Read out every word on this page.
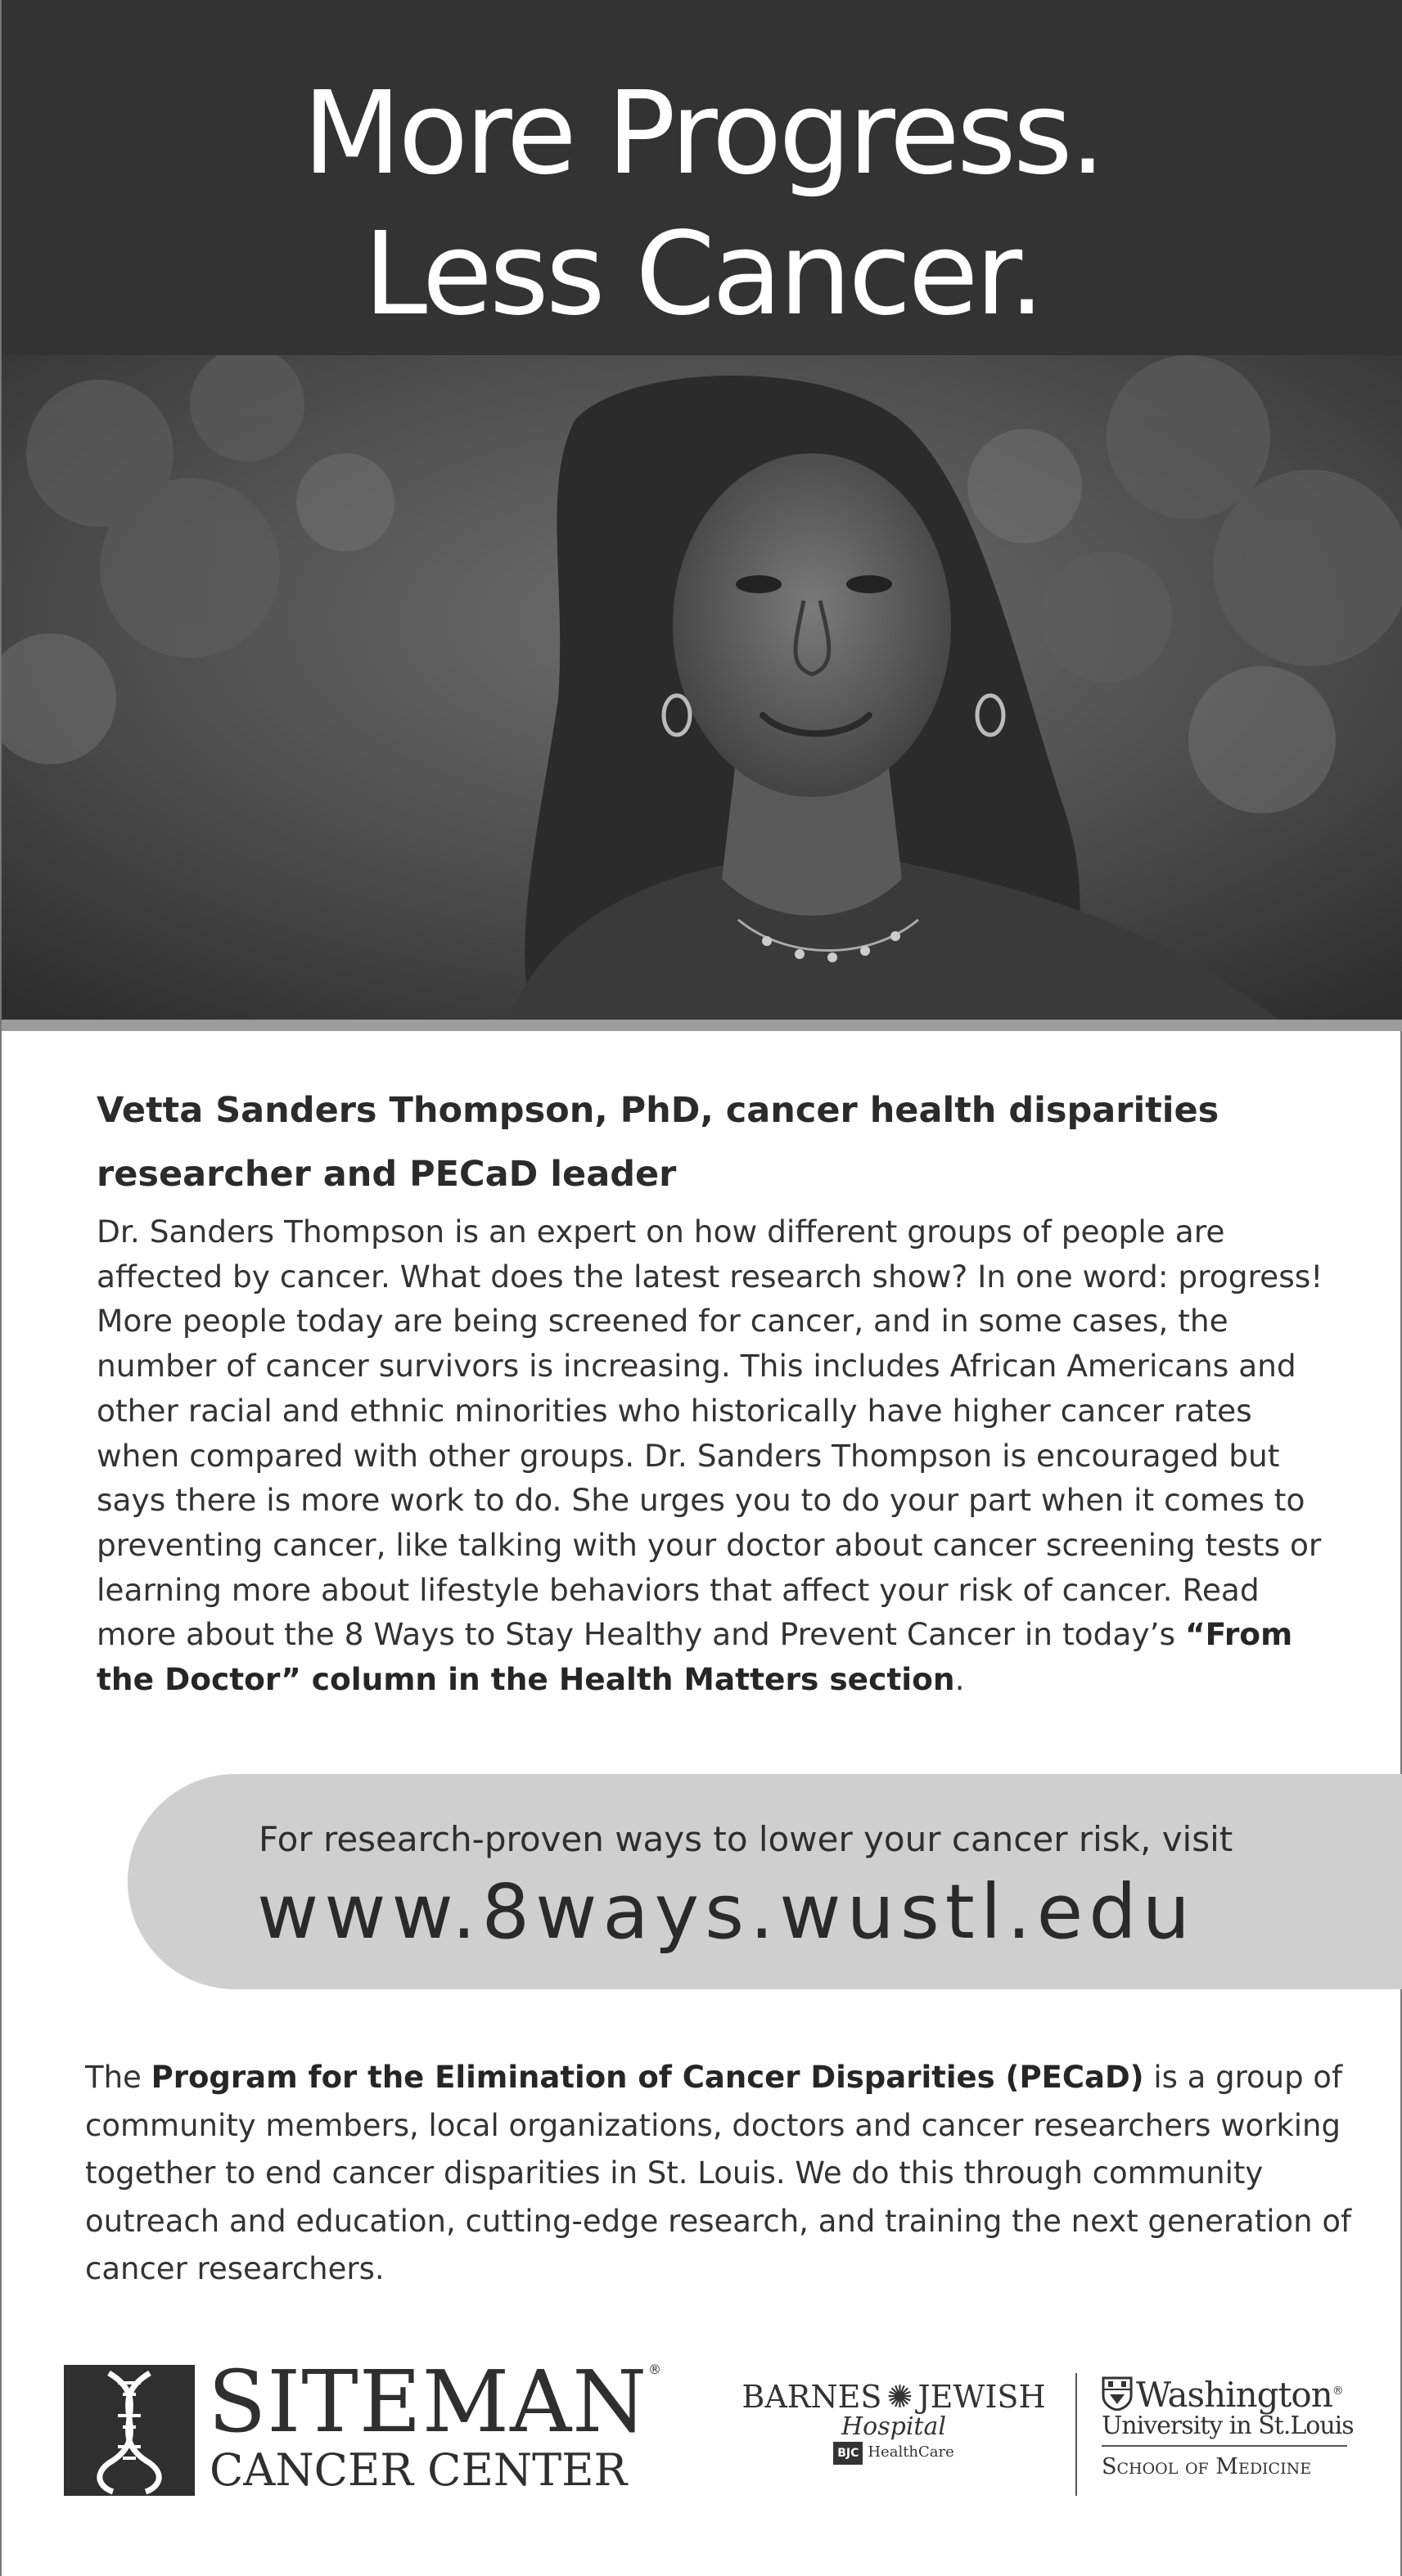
More Progress.
Less Cancer.
Vetta Sanders Thompson, PhD, cancer health disparities
researcher and PECaD leader
Dr. Sanders Thompson is an expert on how different groups of people are affected by cancer. What does the latest research show? In one word: progress! More people today are being screened for cancer, and in some cases, the number of cancer survivors is increasing. This includes African Americans and other racial and ethnic minorities who historically have higher cancer rates when compared with other groups. Dr. Sanders Thompson is encouraged but says there is more work to do. She urges you to do your part when it comes to preventing cancer, like talking with your doctor about cancer screening tests or learning more about lifestyle behaviors that affect your risk of cancer. Read more about the 8 Ways to Stay Healthy and Prevent Cancer in today’s “From the Doctor” column in the Health Matters section.
For research-proven ways to lower your cancer risk, visit
www.8ways.wustl.edu
The Program for the Elimination of Cancer Disparities (PECaD) is a group of community members, local organizations, doctors and cancer researchers working together to end cancer disparities in St. Louis. We do this through community outreach and education, cutting-edge research, and training the next generation of cancer researchers.
SITEMAN ®
CANCER CENTER
BARNES ✺ JEWISH
Hospital
BJC HealthCare
Washington®
University in St.Louis
School of Medicine
